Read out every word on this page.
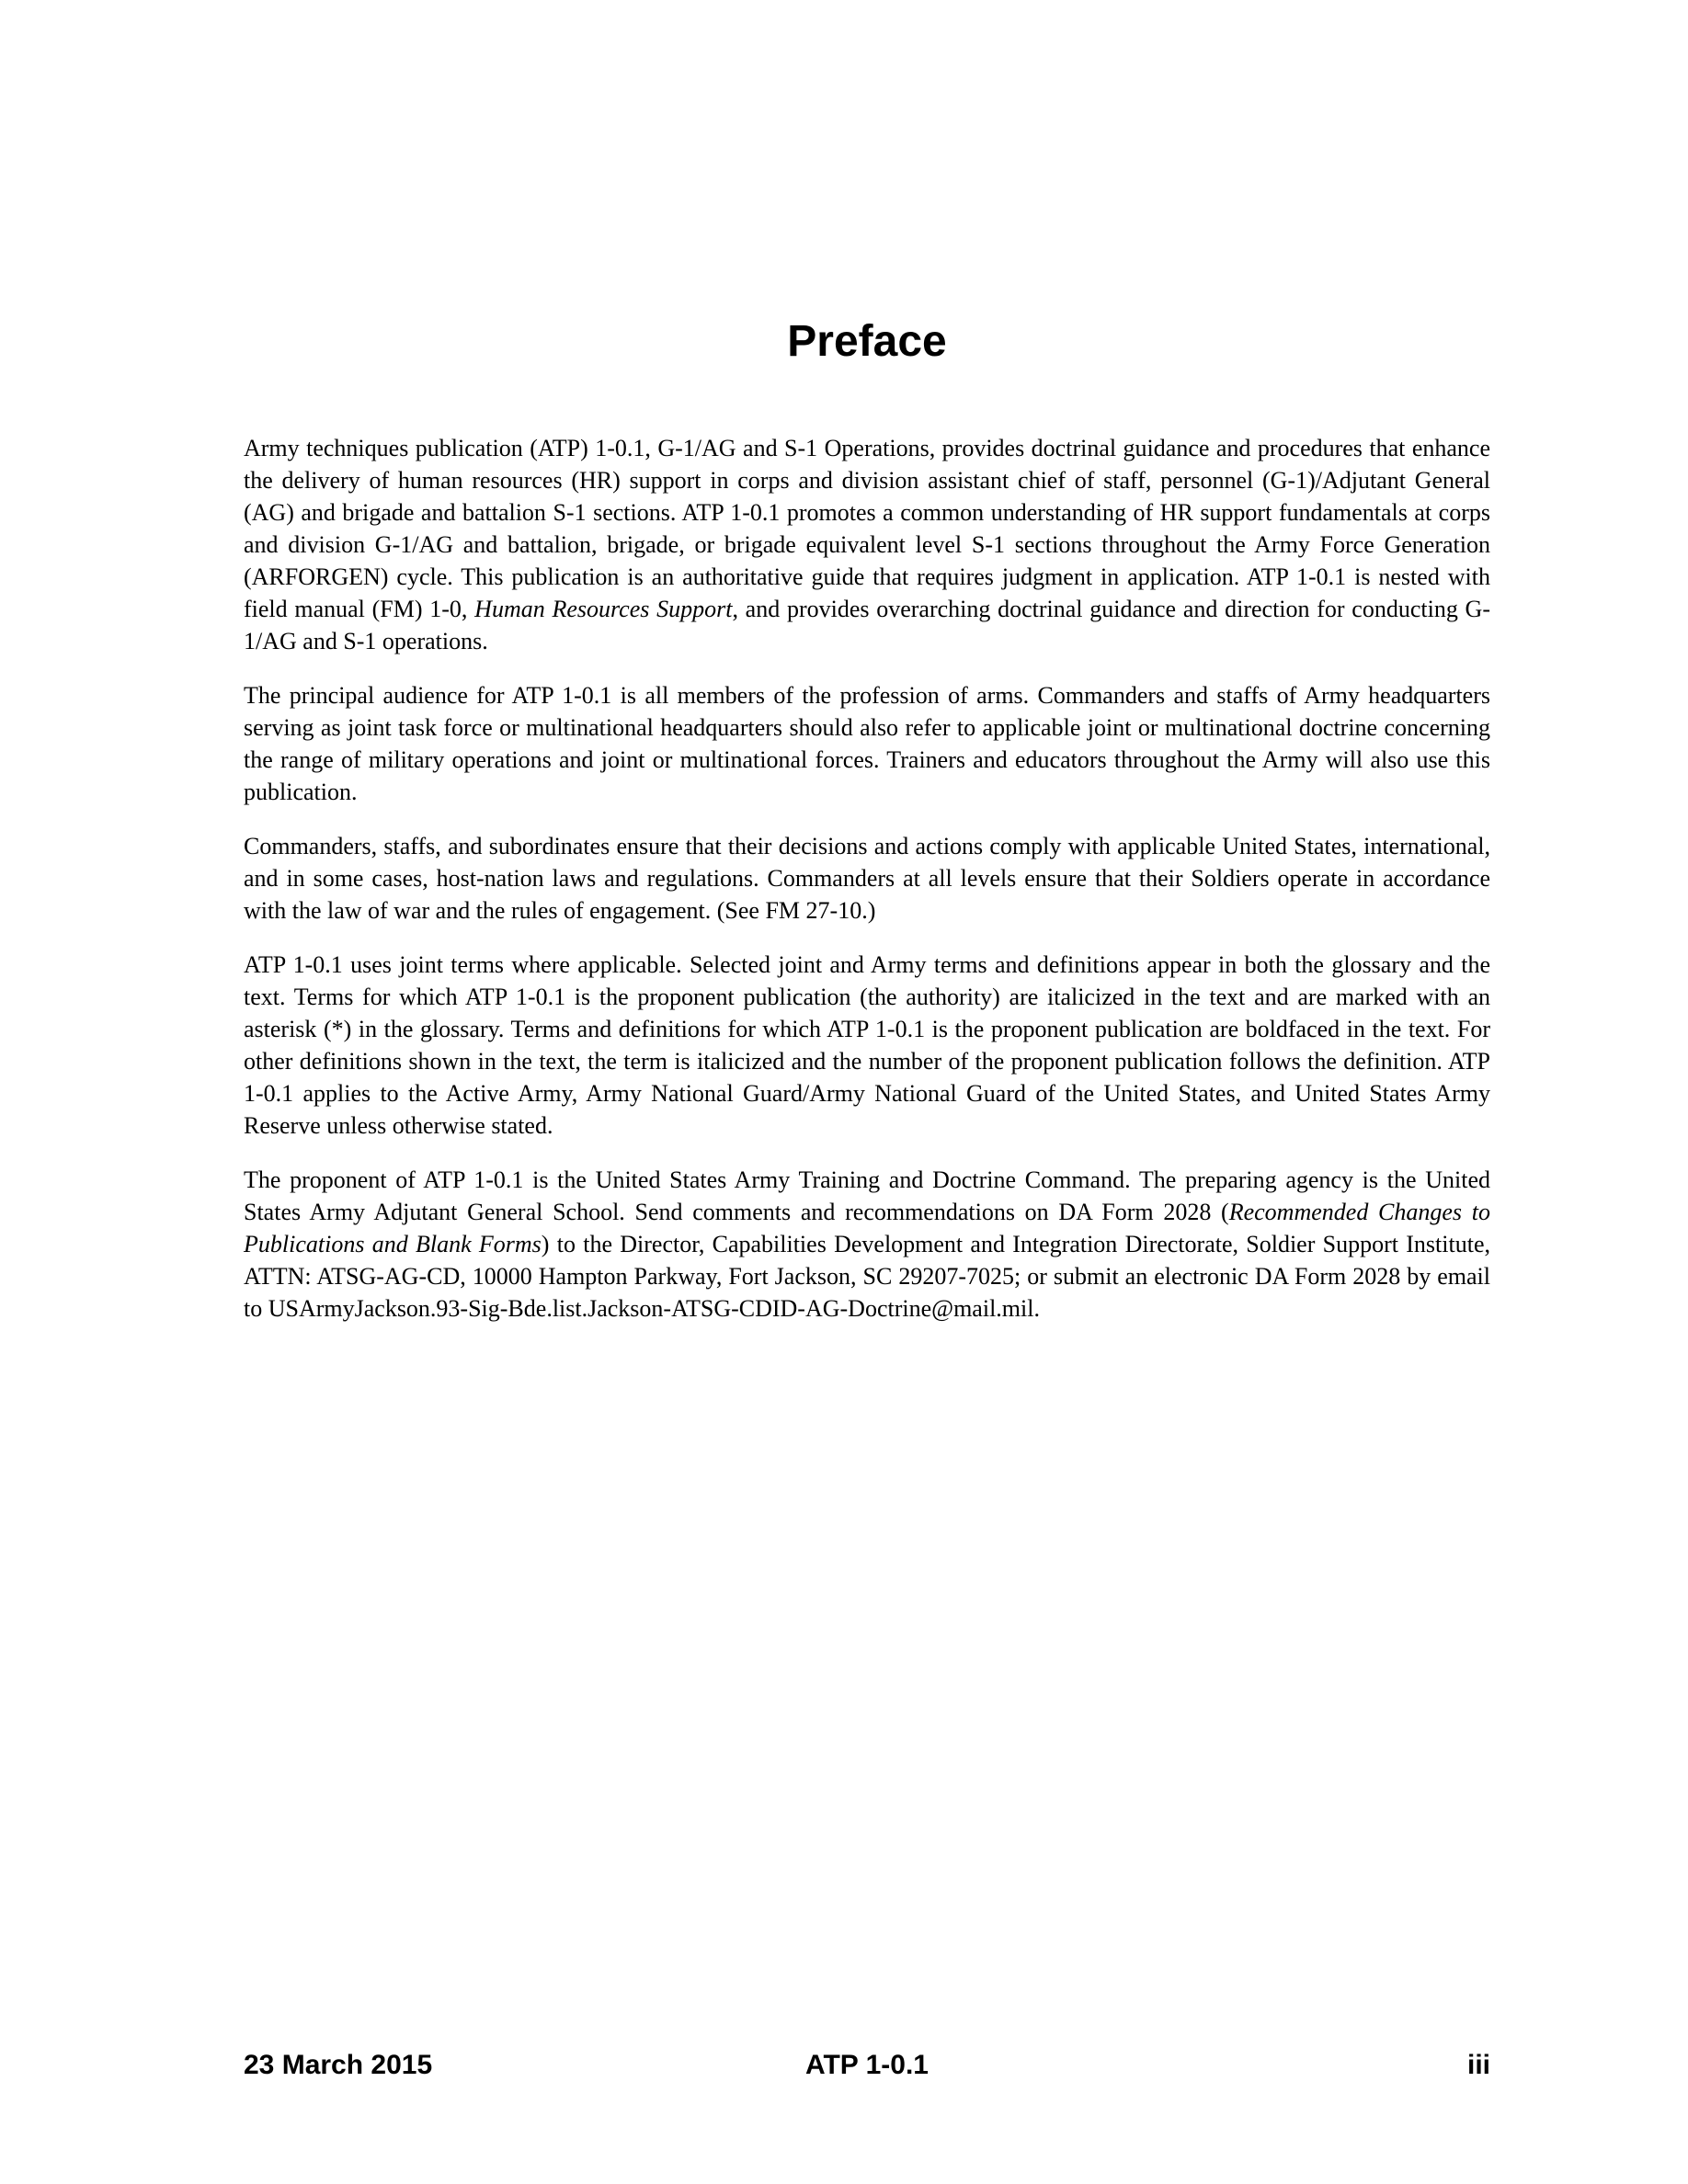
Preface

Army techniques publication (ATP) 1-0.1, G-1/AG and S-1 Operations, provides doctrinal guidance and procedures that enhance the delivery of human resources (HR) support in corps and division assistant chief of staff, personnel (G-1)/Adjutant General (AG) and brigade and battalion S-1 sections. ATP 1-0.1 promotes a common understanding of HR support fundamentals at corps and division G-1/AG and battalion, brigade, or brigade equivalent level S-1 sections throughout the Army Force Generation (ARFORGEN) cycle. This publication is an authoritative guide that requires judgment in application. ATP 1-0.1 is nested with field manual (FM) 1-0, Human Resources Support, and provides overarching doctrinal guidance and direction for conducting G-1/AG and S-1 operations.

The principal audience for ATP 1-0.1 is all members of the profession of arms. Commanders and staffs of Army headquarters serving as joint task force or multinational headquarters should also refer to applicable joint or multinational doctrine concerning the range of military operations and joint or multinational forces. Trainers and educators throughout the Army will also use this publication.

Commanders, staffs, and subordinates ensure that their decisions and actions comply with applicable United States, international, and in some cases, host-nation laws and regulations. Commanders at all levels ensure that their Soldiers operate in accordance with the law of war and the rules of engagement. (See FM 27-10.)

ATP 1-0.1 uses joint terms where applicable. Selected joint and Army terms and definitions appear in both the glossary and the text. Terms for which ATP 1-0.1 is the proponent publication (the authority) are italicized in the text and are marked with an asterisk (*) in the glossary. Terms and definitions for which ATP 1-0.1 is the proponent publication are boldfaced in the text. For other definitions shown in the text, the term is italicized and the number of the proponent publication follows the definition. ATP 1-0.1 applies to the Active Army, Army National Guard/Army National Guard of the United States, and United States Army Reserve unless otherwise stated.

The proponent of ATP 1-0.1 is the United States Army Training and Doctrine Command. The preparing agency is the United States Army Adjutant General School. Send comments and recommendations on DA Form 2028 (Recommended Changes to Publications and Blank Forms) to the Director, Capabilities Development and Integration Directorate, Soldier Support Institute, ATTN: ATSG-AG-CD, 10000 Hampton Parkway, Fort Jackson, SC 29207-7025; or submit an electronic DA Form 2028 by email to USArmyJackson.93-Sig-Bde.list.Jackson-ATSG-CDID-AG-Doctrine@mail.mil.

23 March 2015	ATP 1-0.1	iii
